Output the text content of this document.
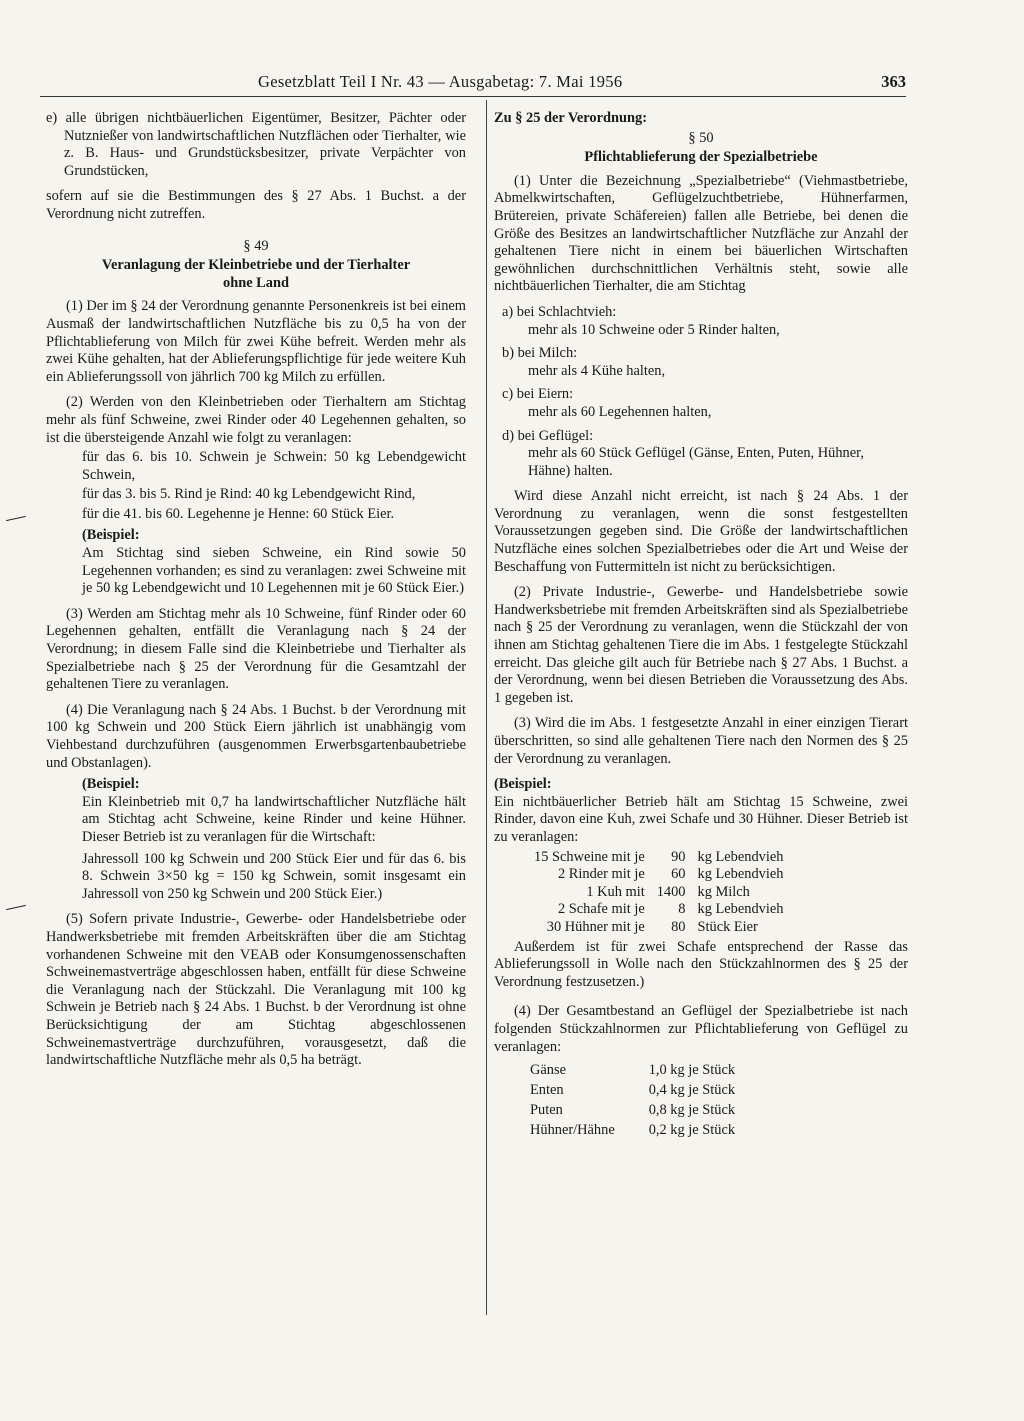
Gesetzblatt Teil I Nr. 43 — Ausgabetag: 7. Mai 1956	363

e) alle übrigen nichtbäuerlichen Eigentümer, Besitzer, Pächter oder Nutznießer von landwirtschaftlichen Nutzflächen oder Tierhalter, wie z. B. Haus- und Grundstücksbesitzer, private Verpächter von Grundstücken,

sofern auf sie die Bestimmungen des § 27 Abs. 1 Buchst. a der Verordnung nicht zutreffen.

§ 49

Veranlagung der Kleinbetriebe und der Tierhalter

ohne Land

(1) Der im § 24 der Verordnung genannte Personenkreis ist bei einem Ausmaß der landwirtschaftlichen Nutzfläche bis zu 0,5 ha von der Pflichtablieferung von Milch für zwei Kühe befreit. Werden mehr als zwei Kühe gehalten, hat der Ablieferungspflichtige für jede weitere Kuh ein Ablieferungssoll von jährlich 700 kg Milch zu erfüllen.

(2) Werden von den Kleinbetrieben oder Tierhaltern am Stichtag mehr als fünf Schweine, zwei Rinder oder 40 Legehennen gehalten, so ist die übersteigende Anzahl wie folgt zu veranlagen:

für das 6. bis 10. Schwein je Schwein: 50 kg Lebendgewicht Schwein,

für das 3. bis 5. Rind je Rind: 40 kg Lebendgewicht Rind,

für die 41. bis 60. Legehenne je Henne: 60 Stück Eier.

(Beispiel:

Am Stichtag sind sieben Schweine, ein Rind sowie 50 Legehennen vorhanden; es sind zu veranlagen: zwei Schweine mit je 50 kg Lebendgewicht und 10 Legehennen mit je 60 Stück Eier.)

(3) Werden am Stichtag mehr als 10 Schweine, fünf Rinder oder 60 Legehennen gehalten, entfällt die Veranlagung nach § 24 der Verordnung; in diesem Falle sind die Kleinbetriebe und Tierhalter als Spezialbetriebe nach § 25 der Verordnung für die Gesamtzahl der gehaltenen Tiere zu veranlagen.

(4) Die Veranlagung nach § 24 Abs. 1 Buchst. b der Verordnung mit 100 kg Schwein und 200 Stück Eiern jährlich ist unabhängig vom Viehbestand durchzuführen (ausgenommen Erwerbsgartenbaubetriebe und Obstanlagen).

(Beispiel:

Ein Kleinbetrieb mit 0,7 ha landwirtschaftlicher Nutzfläche hält am Stichtag acht Schweine, keine Rinder und keine Hühner. Dieser Betrieb ist zu veranlagen für die Wirtschaft:

Jahressoll 100 kg Schwein und 200 Stück Eier und für das 6. bis 8. Schwein 3×50 kg = 150 kg Schwein, somit insgesamt ein Jahressoll von 250 kg Schwein und 200 Stück Eier.)

(5) Sofern private Industrie-, Gewerbe- oder Handelsbetriebe oder Handwerksbetriebe mit fremden Arbeitskräften über die am Stichtag vorhandenen Schweine mit den VEAB oder Konsumgenossenschaften Schweinemastverträge abgeschlossen haben, entfällt für diese Schweine die Veranlagung nach der Stückzahl. Die Veranlagung mit 100 kg Schwein je Betrieb nach § 24 Abs. 1 Buchst. b der Verordnung ist ohne Berücksichtigung der am Stichtag abgeschlossenen Schweinemastverträge durchzuführen, vorausgesetzt, daß die landwirtschaftliche Nutzfläche mehr als 0,5 ha beträgt.

Zu § 25 der Verordnung:

§ 50

Pflichtablieferung der Spezialbetriebe

(1) Unter die Bezeichnung „Spezialbetriebe“ (Viehmastbetriebe, Abmelkwirtschaften, Geflügelzuchtbetriebe, Hühnerfarmen, Brütereien, private Schäfereien) fallen alle Betriebe, bei denen die Größe des Besitzes an landwirtschaftlicher Nutzfläche zur Anzahl der gehaltenen Tiere nicht in einem bei bäuerlichen Wirtschaften gewöhnlichen durchschnittlichen Verhältnis steht, sowie alle nichtbäuerlichen Tierhalter, die am Stichtag

a) bei Schlachtvieh:

mehr als 10 Schweine oder 5 Rinder halten,

b) bei Milch:

mehr als 4 Kühe halten,

c) bei Eiern:

mehr als 60 Legehennen halten,

d) bei Geflügel:

mehr als 60 Stück Geflügel (Gänse, Enten, Puten, Hühner, Hähne) halten.

Wird diese Anzahl nicht erreicht, ist nach § 24 Abs. 1 der Verordnung zu veranlagen, wenn die sonst festgestellten Voraussetzungen gegeben sind. Die Größe der landwirtschaftlichen Nutzfläche eines solchen Spezialbetriebes oder die Art und Weise der Beschaffung von Futtermitteln ist nicht zu berücksichtigen.

(2) Private Industrie-, Gewerbe- und Handelsbetriebe sowie Handwerksbetriebe mit fremden Arbeitskräften sind als Spezialbetriebe nach § 25 der Verordnung zu veranlagen, wenn die Stückzahl der von ihnen am Stichtag gehaltenen Tiere die im Abs. 1 festgelegte Stückzahl erreicht. Das gleiche gilt auch für Betriebe nach § 27 Abs. 1 Buchst. a der Verordnung, wenn bei diesen Betrieben die Voraussetzung des Abs. 1 gegeben ist.

(3) Wird die im Abs. 1 festgesetzte Anzahl in einer einzigen Tierart überschritten, so sind alle gehaltenen Tiere nach den Normen des § 25 der Verordnung zu veranlagen.

(Beispiel:

Ein nichtbäuerlicher Betrieb hält am Stichtag 15 Schweine, zwei Rinder, davon eine Kuh, zwei Schafe und 30 Hühner. Dieser Betrieb ist zu veranlagen:

15 Schweine mit je	90	kg Lebendvieh
2 Rinder mit je	60	kg Lebendvieh
1 Kuh mit	1400	kg Milch
2 Schafe mit je	8	kg Lebendvieh
30 Hühner mit je	80	Stück Eier

Außerdem ist für zwei Schafe entsprechend der Rasse das Ablieferungssoll in Wolle nach den Stückzahlnormen des § 25 der Verordnung festzusetzen.)

(4) Der Gesamtbestand an Geflügel der Spezialbetriebe ist nach folgenden Stückzahlnormen zur Pflichtablieferung von Geflügel zu veranlagen:

Gänse	1,0 kg je Stück
Enten	0,4 kg je Stück
Puten	0,8 kg je Stück
Hühner/Hähne	0,2 kg je Stück
